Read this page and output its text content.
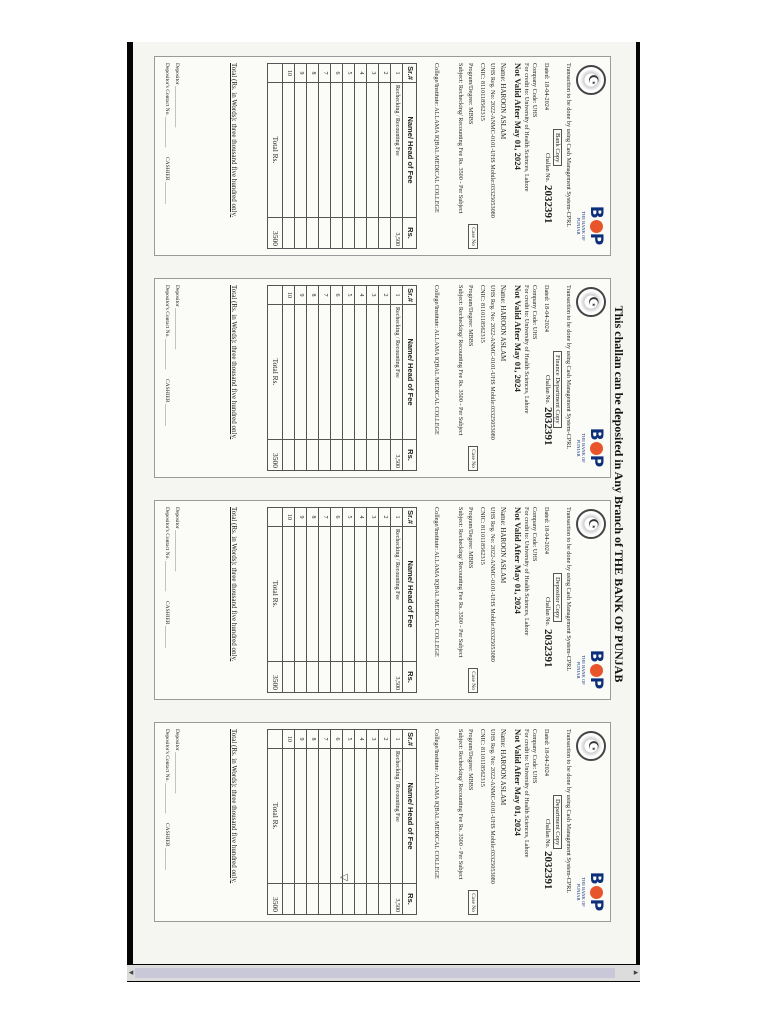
This challan can be deposited in Any Branch of THE BANK OF PUNJAB
☪
BP
THE BANK OF PUNJAB
Transaction to be done by using Cash Management System-CPRL
Bank Copy
Dated: 18-04-2024
Challan No.
2032391
Company Code: UHS
For credit to: University of Health Sciences, Lahore
Not Valid After May 01, 2024
Name: HAROON ASLAM
UHS Reg. No: 2022-ANMC-0101-UHS Mobile:03325053080
CNIC: 8110118562315
Case No
Program/Degree: MBBS
Subject: Rechecking/ Recounting Fee Rs. 3500 - Per Subject
College/Institute: ALLAMA IQBAL MEDICAL COLLEGE
Sr.#	Name/ Head of Fee	Rs.
1	Rechecking / Recounting Fee	3,500
2		
3		
4		
5		
6		
7		
8		
9		
10		
	Total Rs.	3500
Total (Rs. in Words): three thousand five hundred only.
Depositor _______________
Depositor's Contact No. ___________
CASHIER ________
☪
BP
THE BANK OF PUNJAB
Transaction to be done by using Cash Management System-CPRL
Finance Department Copy
Dated: 18-04-2024
Challan No.
2032391
Company Code: UHS
For credit to: University of Health Sciences, Lahore
Not Valid After May 01, 2024
Name: HAROON ASLAM
UHS Reg. No: 2022-ANMC-0101-UHS Mobile:03325053080
CNIC: 8110118562315
Case No
Program/Degree: MBBS
Subject: Rechecking/ Recounting Fee Rs. 3500 - Per Subject
College/Institute: ALLAMA IQBAL MEDICAL COLLEGE
Sr.#	Name/ Head of Fee	Rs.
1	Rechecking / Recounting Fee	3,500
2		
3		
4		
5		
6		
7		
8		
9		
10		
	Total Rs.	3500
Total (Rs. in Words): three thousand five hundred only.
Depositor _______________
Depositor's Contact No. ___________
CASHIER ________
☪
BP
THE BANK OF PUNJAB
Transaction to be done by using Cash Management System-CPRL
Depositor Copy
Dated: 18-04-2024
Challan No.
2032391
Company Code: UHS
For credit to: University of Health Sciences, Lahore
Not Valid After May 01, 2024
Name: HAROON ASLAM
UHS Reg. No: 2022-ANMC-0101-UHS Mobile:03325053080
CNIC: 8110118562315
Case No
Program/Degree: MBBS
Subject: Rechecking/ Recounting Fee Rs. 3500 - Per Subject
College/Institute: ALLAMA IQBAL MEDICAL COLLEGE
Sr.#	Name/ Head of Fee	Rs.
1	Rechecking / Recounting Fee	3,500
2		
3		
4		
5		
6		
7		
8		
9		
10		
	Total Rs.	3500
Total (Rs. in Words): three thousand five hundred only.
Depositor _______________
Depositor's Contact No. ___________
CASHIER ________
☪
BP
THE BANK OF PUNJAB
Transaction to be done by using Cash Management System-CPRL
Department Copy
Dated: 18-04-2024
Challan No.
2032391
Company Code: UHS
For credit to: University of Health Sciences, Lahore
Not Valid After May 01, 2024
Name: HAROON ASLAM
UHS Reg. No: 2022-ANMC-0101-UHS Mobile:03325053080
CNIC: 8110118562315
Case No
Program/Degree: MBBS
Subject: Rechecking/ Recounting Fee Rs. 3500 - Per Subject
College/Institute: ALLAMA IQBAL MEDICAL COLLEGE
Sr.#	Name/ Head of Fee	Rs.
1	Rechecking / Recounting Fee	3,500
2		
3		
4		
5		
6		
7		
8		
9		
10		
	Total Rs.	3500
Total (Rs. in Words): three thousand five hundred only.
Depositor _______________
Depositor's Contact No. ___________
CASHIER ________
◂	▸
◁
